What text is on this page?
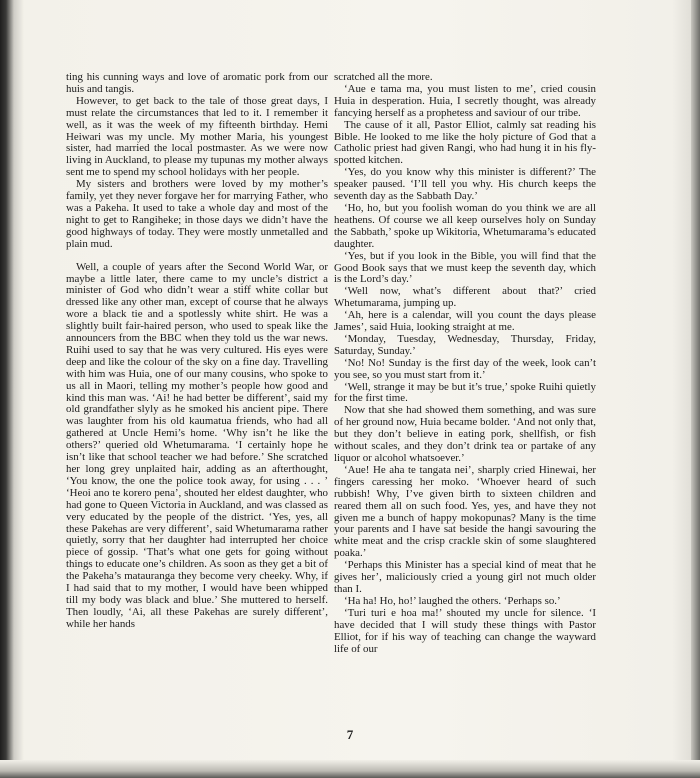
ting his cunning ways and love of aromatic pork from our huis and tangis.

However, to get back to the tale of those great days, I must relate the circumstances that led to it. I remember it well, as it was the week of my fifteenth birthday. Hemi Heiwari was my uncle. My mother Maria, his youngest sister, had married the local postmaster. As we were now living in Auckland, to please my tupunas my mother always sent me to spend my school holidays with her people.

My sisters and brothers were loved by my mother’s family, yet they never forgave her for marrying Father, who was a Pakeha. It used to take a whole day and most of the night to get to Rangiheke; in those days we didn’t have the good highways of today. They were mostly unmetalled and plain mud.

Well, a couple of years after the Second World War, or maybe a little later, there came to my uncle’s district a minister of God who didn’t wear a stiff white collar but dressed like any other man, except of course that he always wore a black tie and a spotlessly white shirt. He was a slightly built fair-haired person, who used to speak like the announcers from the BBC when they told us the war news. Ruihi used to say that he was very cultured. His eyes were deep and like the colour of the sky on a fine day. Travelling with him was Huia, one of our many cousins, who spoke to us all in Maori, telling my mother’s people how good and kind this man was. ‘Ai! he had better be different’, said my old grandfather slyly as he smoked his ancient pipe. There was laughter from his old kaumatua friends, who had all gathered at Uncle Hemi’s home. ‘Why isn’t he like the others?’ queried old Whetumarama. ‘I certainly hope he isn’t like that school teacher we had before.’ She scratched her long grey unplaited hair, adding as an afterthought, ‘You know, the one the police took away, for using . . . ’ ‘Heoi ano te korero pena’, shouted her eldest daughter, who had gone to Queen Victoria in Auckland, and was classed as very educated by the people of the district. ‘Yes, yes, all these Pakehas are very different’, said Whetumarama rather quietly, sorry that her daughter had interrupted her choice piece of gossip. ‘That’s what one gets for going without things to educate one’s children. As soon as they get a bit of the Pakeha’s matauranga they become very cheeky. Why, if I had said that to my mother, I would have been whipped till my body was black and blue.’ She muttered to herself. Then loudly, ‘Ai, all these Pakehas are surely different’, while her hands

scratched all the more.

‘Aue e tama ma, you must listen to me’, cried cousin Huia in desperation. Huia, I secretly thought, was already fancying herself as a prophetess and saviour of our tribe.

The cause of it all, Pastor Elliot, calmly sat reading his Bible. He looked to me like the holy picture of God that a Catholic priest had given Rangi, who had hung it in his fly-spotted kitchen.

‘Yes, do you know why this minister is different?’ The speaker paused. ‘I’ll tell you why. His church keeps the seventh day as the Sabbath Day.’

‘Ho, ho, but you foolish woman do you think we are all heathens. Of course we all keep ourselves holy on Sunday the Sabbath,’ spoke up Wikitoria, Whetumarama’s educated daughter.

‘Yes, but if you look in the Bible, you will find that the Good Book says that we must keep the seventh day, which is the Lord’s day.’

‘Well now, what’s different about that?’ cried Whetumarama, jumping up.

‘Ah, here is a calendar, will you count the days please James’, said Huia, looking straight at me.

‘Monday, Tuesday, Wednesday, Thursday, Friday, Saturday, Sunday.’

‘No! No! Sunday is the first day of the week, look can’t you see, so you must start from it.’

‘Well, strange it may be but it’s true,’ spoke Ruihi quietly for the first time.

Now that she had showed them something, and was sure of her ground now, Huia became bolder. ‘And not only that, but they don’t believe in eating pork, shellfish, or fish without scales, and they don’t drink tea or partake of any liquor or alcohol whatsoever.’

‘Aue! He aha te tangata nei’, sharply cried Hinewai, her fingers caressing her moko. ‘Whoever heard of such rubbish! Why, I’ve given birth to sixteen children and reared them all on such food. Yes, yes, and have they not given me a bunch of happy mokopunas? Many is the time your parents and I have sat beside the hangi savouring the white meat and the crisp crackle skin of some slaughtered poaka.’

‘Perhaps this Minister has a special kind of meat that he gives her’, maliciously cried a young girl not much older than I.

‘Ha ha! Ho, ho!’ laughed the others. ‘Perhaps so.’

‘Turi turi e hoa ma!’ shouted my uncle for silence. ‘I have decided that I will study these things with Pastor Elliot, for if his way of teaching can change the wayward life of our

7
